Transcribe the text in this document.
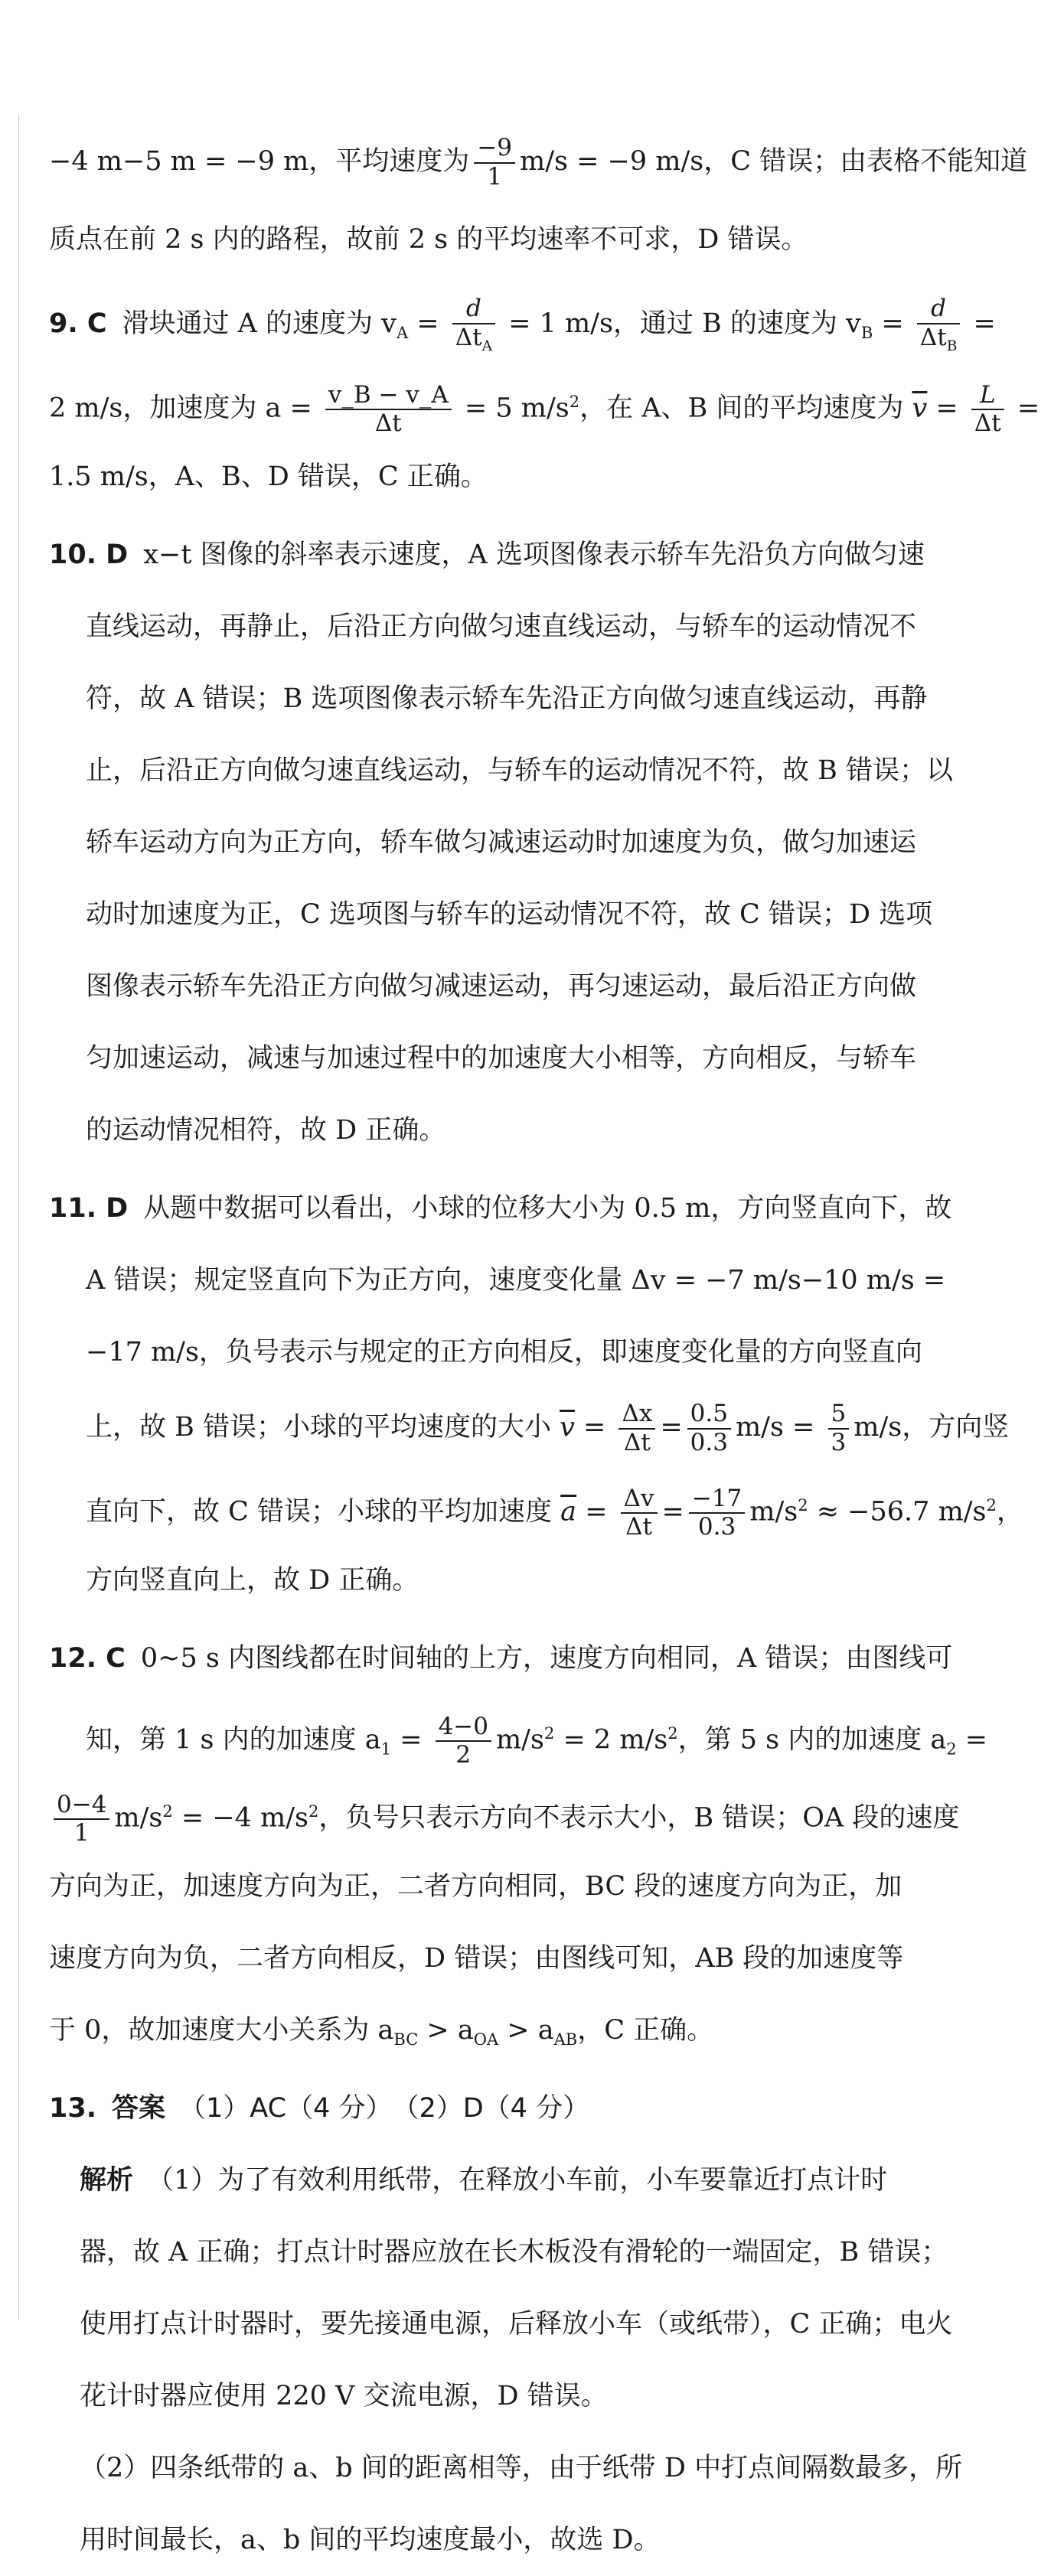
−4 m−5 m = −9 m，平均速度为 $\frac{-9}{1} m/s = -9$ m/s，C 错误；由表格不能知道
质点在前 2 s 内的路程，故前 2 s 的平均速率不可求，D 错误。
9. C 滑块通过 A 的速度为 $v_A = \frac{d}{\Delta t_A} = 1$ m/s，通过 B 的速度为 $v_B = \frac{d}{\Delta t_B}$ =
2 m/s，加速度为 $a = \frac{v\_B - v\_A}{\Delta t} = 5$ $m/s^2$，在 A、B 间的平均速度为 $\overline{v} = \frac{L}{\Delta t}$ =
1.5 m/s，A、B、D 错误，C 正确。
10. D x−t 图像的斜率表示速度，A 选项图像表示轿车先沿负方向做匀速
直线运动，再静止，后沿正方向做匀速直线运动，与轿车的运动情况不
符，故 A 错误；B 选项图像表示轿车先沿正方向做匀速直线运动，再静
止，后沿正方向做匀速直线运动，与轿车的运动情况不符，故 B 错误；以
轿车运动方向为正方向，轿车做匀减速运动时加速度为负，做匀加速运
动时加速度为正，C 选项图与轿车的运动情况不符，故 C 错误；D 选项
图像表示轿车先沿正方向做匀减速运动，再匀速运动，最后沿正方向做
匀加速运动，减速与加速过程中的加速度大小相等，方向相反，与轿车
的运动情况相符，故 D 正确。
11. D 从题中数据可以看出，小球的位移大小为 0.5 m，方向竖直向下，故
A 错误；规定竖直向下为正方向，速度变化量 Δv = −7 m/s−10 m/s =
−17 m/s，负号表示与规定的正方向相反，即速度变化量的方向竖直向
上，故 B 错误；小球的平均速度的大小 $\overline{v} = \frac{\Delta x}{\Delta t} = \frac{0.5}{0.3} m/s = \frac{5}{3} m/s$，方向竖
直向下，故 C 错误；小球的平均加速度 $\overline{a} = \frac{\Delta v}{\Delta t} = \frac{-17}{0.3} m/s^2 \approx -56.7$ $m/s^2$，
方向竖直向上，故 D 正确。
12. C 0~5 s 内图线都在时间轴的上方，速度方向相同，A 错误；由图线可
知，第 1 s 内的加速度 $a_1 = \frac{4-0}{2} m/s^2 = 2$ $m/s^2$，第 5 s 内的加速度 $a_2$ =
$\frac{0-4}{1} m/s^2 = -4$ $m/s^2$，负号只表示方向不表示大小，B 错误；OA 段的速度
方向为正，加速度方向为正，二者方向相同，BC 段的速度方向为正，加
速度方向为负，二者方向相反，D 错误；由图线可知，AB 段的加速度等
于 0，故加速度大小关系为 $a_{BC} > a_{OA} > a_{AB}$，C 正确。
13. 答案 （1）AC（4 分）　（2）D（4 分）
解析 （1）为了有效利用纸带，在释放小车前，小车要靠近打点计时
器，故 A 正确；打点计时器应放在长木板没有滑轮的一端固定，B 错误；
使用打点计时器时，要先接通电源，后释放小车（或纸带），C 正确；电火
花计时器应使用 220 V 交流电源，D 错误。
（2）四条纸带的 a、b 间的距离相等，由于纸带 D 中打点间隔数最多，所
用时间最长，a、b 间的平均速度最小，故选 D。
